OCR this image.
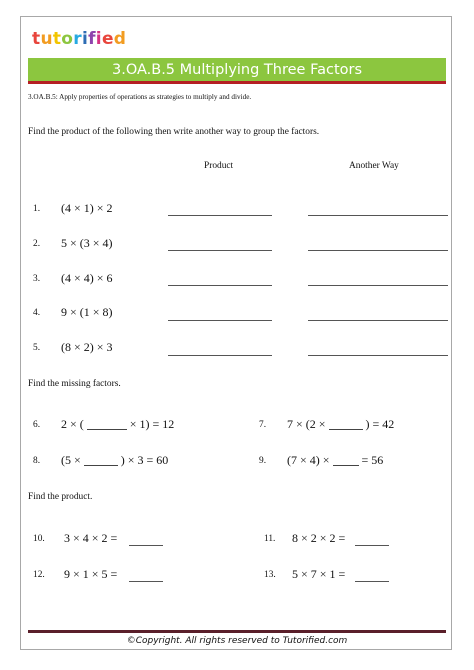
tutorified
3.OA.B.5 Multiplying Three Factors
3.OA.B.5: Apply properties of operations as strategies to multiply and divide.
Find the product of the following then write another way to group the factors.
Product	Another Way
1. (4 × 1) × 2
2. 5 × (3 × 4)
3. (4 × 4) × 6
4. 9 × (1 × 8)
5. (8 × 2) × 3
Find the missing factors.
6. 2 × (	× 1) = 12	7. 7 × (2 ×	) = 42
8. (5 ×	) × 3 = 60	9. (7 × 4) ×	= 56
Find the product.
10. 3 × 4 × 2 =	11. 8 × 2 × 2 =
12. 9 × 1 × 5 =	13. 5 × 7 × 1 =
©Copyright. All rights reserved to Tutorified.com
